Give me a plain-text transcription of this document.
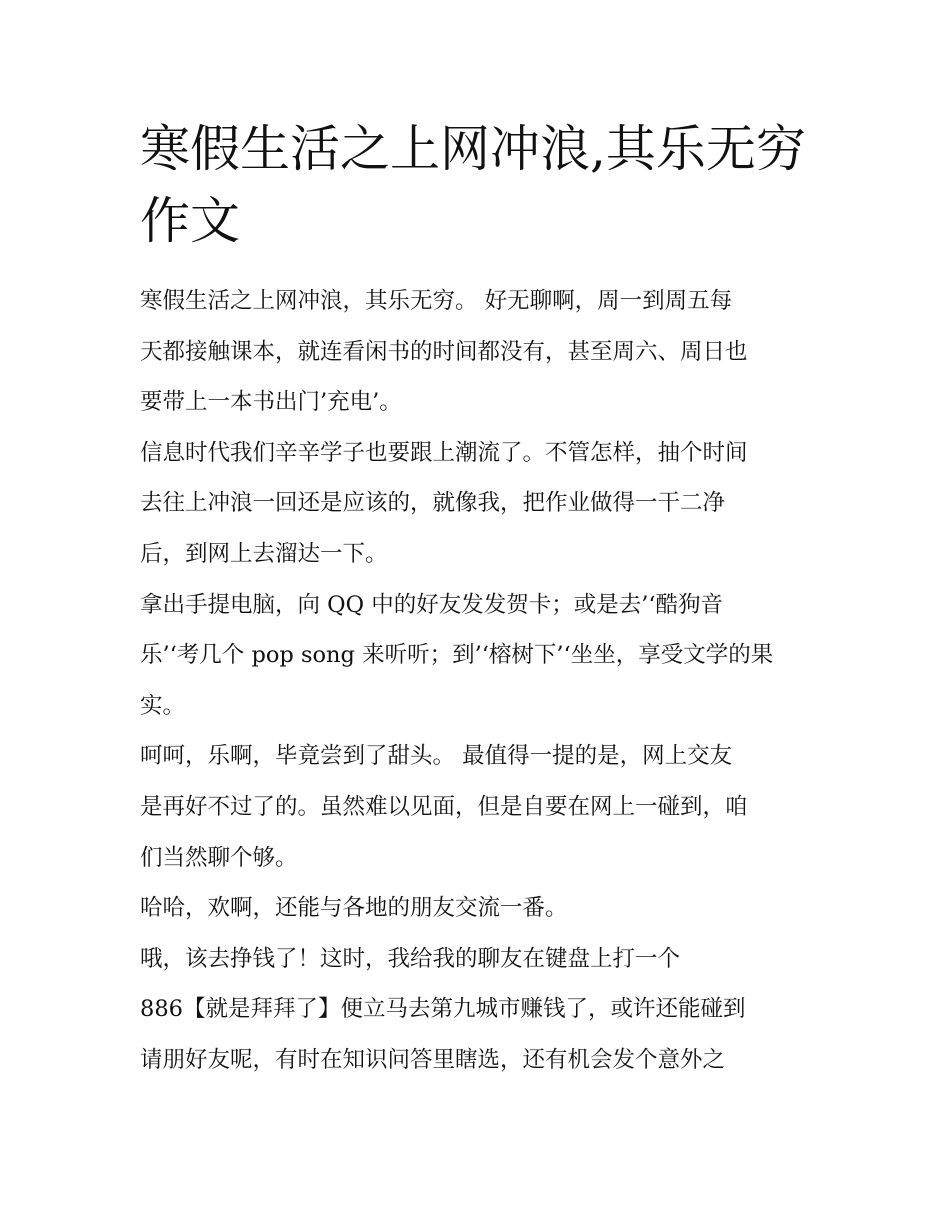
寒假生活之上网冲浪,其乐无穷
作文
寒假生活之上网冲浪，其乐无穷。 好无聊啊，周一到周五每
天都接触课本，就连看闲书的时间都没有，甚至周六、周日也
要带上一本书出门’充电’。
信息时代我们辛辛学子也要跟上潮流了。不管怎样，抽个时间
去往上冲浪一回还是应该的，就像我，把作业做得一干二净
后，到网上去溜达一下。
拿出手提电脑，向 QQ 中的好友发发贺卡；或是去’‘酷狗音
乐’‘考几个 pop song 来听听；到’‘榕树下’‘坐坐，享受文学的果
实。
呵呵，乐啊，毕竟尝到了甜头。 最值得一提的是，网上交友
是再好不过了的。虽然难以见面，但是自要在网上一碰到，咱
们当然聊个够。
哈哈，欢啊，还能与各地的朋友交流一番。
哦，该去挣钱了！这时，我给我的聊友在键盘上打一个
886【就是拜拜了】便立马去第九城市赚钱了，或许还能碰到
请朋好友呢，有时在知识问答里瞎选，还有机会发个意外之
